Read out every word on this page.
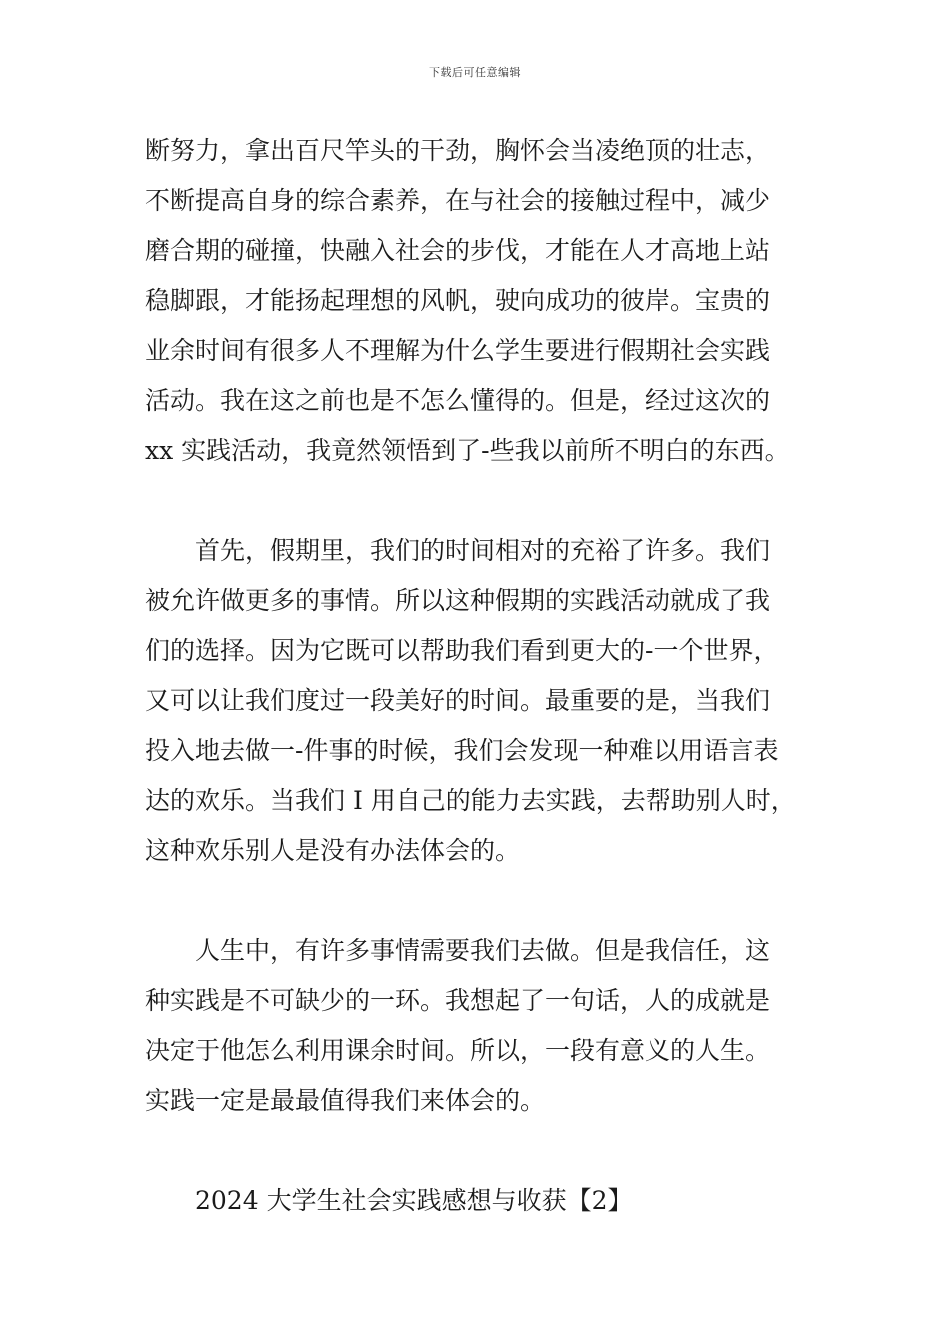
下载后可任意编辑

断努力，拿出百尺竿头的干劲，胸怀会当凌绝顶的壮志，
不断提高自身的综合素养，在与社会的接触过程中，减少
磨合期的碰撞，快融入社会的步伐，才能在人才高地上站
稳脚跟，才能扬起理想的风帆，驶向成功的彼岸。宝贵的
业余时间有很多人不理解为什么学生要进行假期社会实践
活动。我在这之前也是不怎么懂得的。但是，经过这次的
xx 实践活动，我竟然领悟到了-些我以前所不明白的东西。

首先，假期里，我们的时间相对的充裕了许多。我们
被允许做更多的事情。所以这种假期的实践活动就成了我
们的选择。因为它既可以帮助我们看到更大的-一个世界，
又可以让我们度过一段美好的时间。最重要的是，当我们
投入地去做一-件事的时候，我们会发现一种难以用语言表
达的欢乐。当我们 I 用自己的能力去实践，去帮助别人时，
这种欢乐别人是没有办法体会的。

人生中，有许多事情需要我们去做。但是我信任，这
种实践是不可缺少的一环。我想起了一句话，人的成就是
决定于他怎么利用课余时间。所以，一段有意义的人生。
实践一定是最最值得我们来体会的。

2024 大学生社会实践感想与收获【2】
